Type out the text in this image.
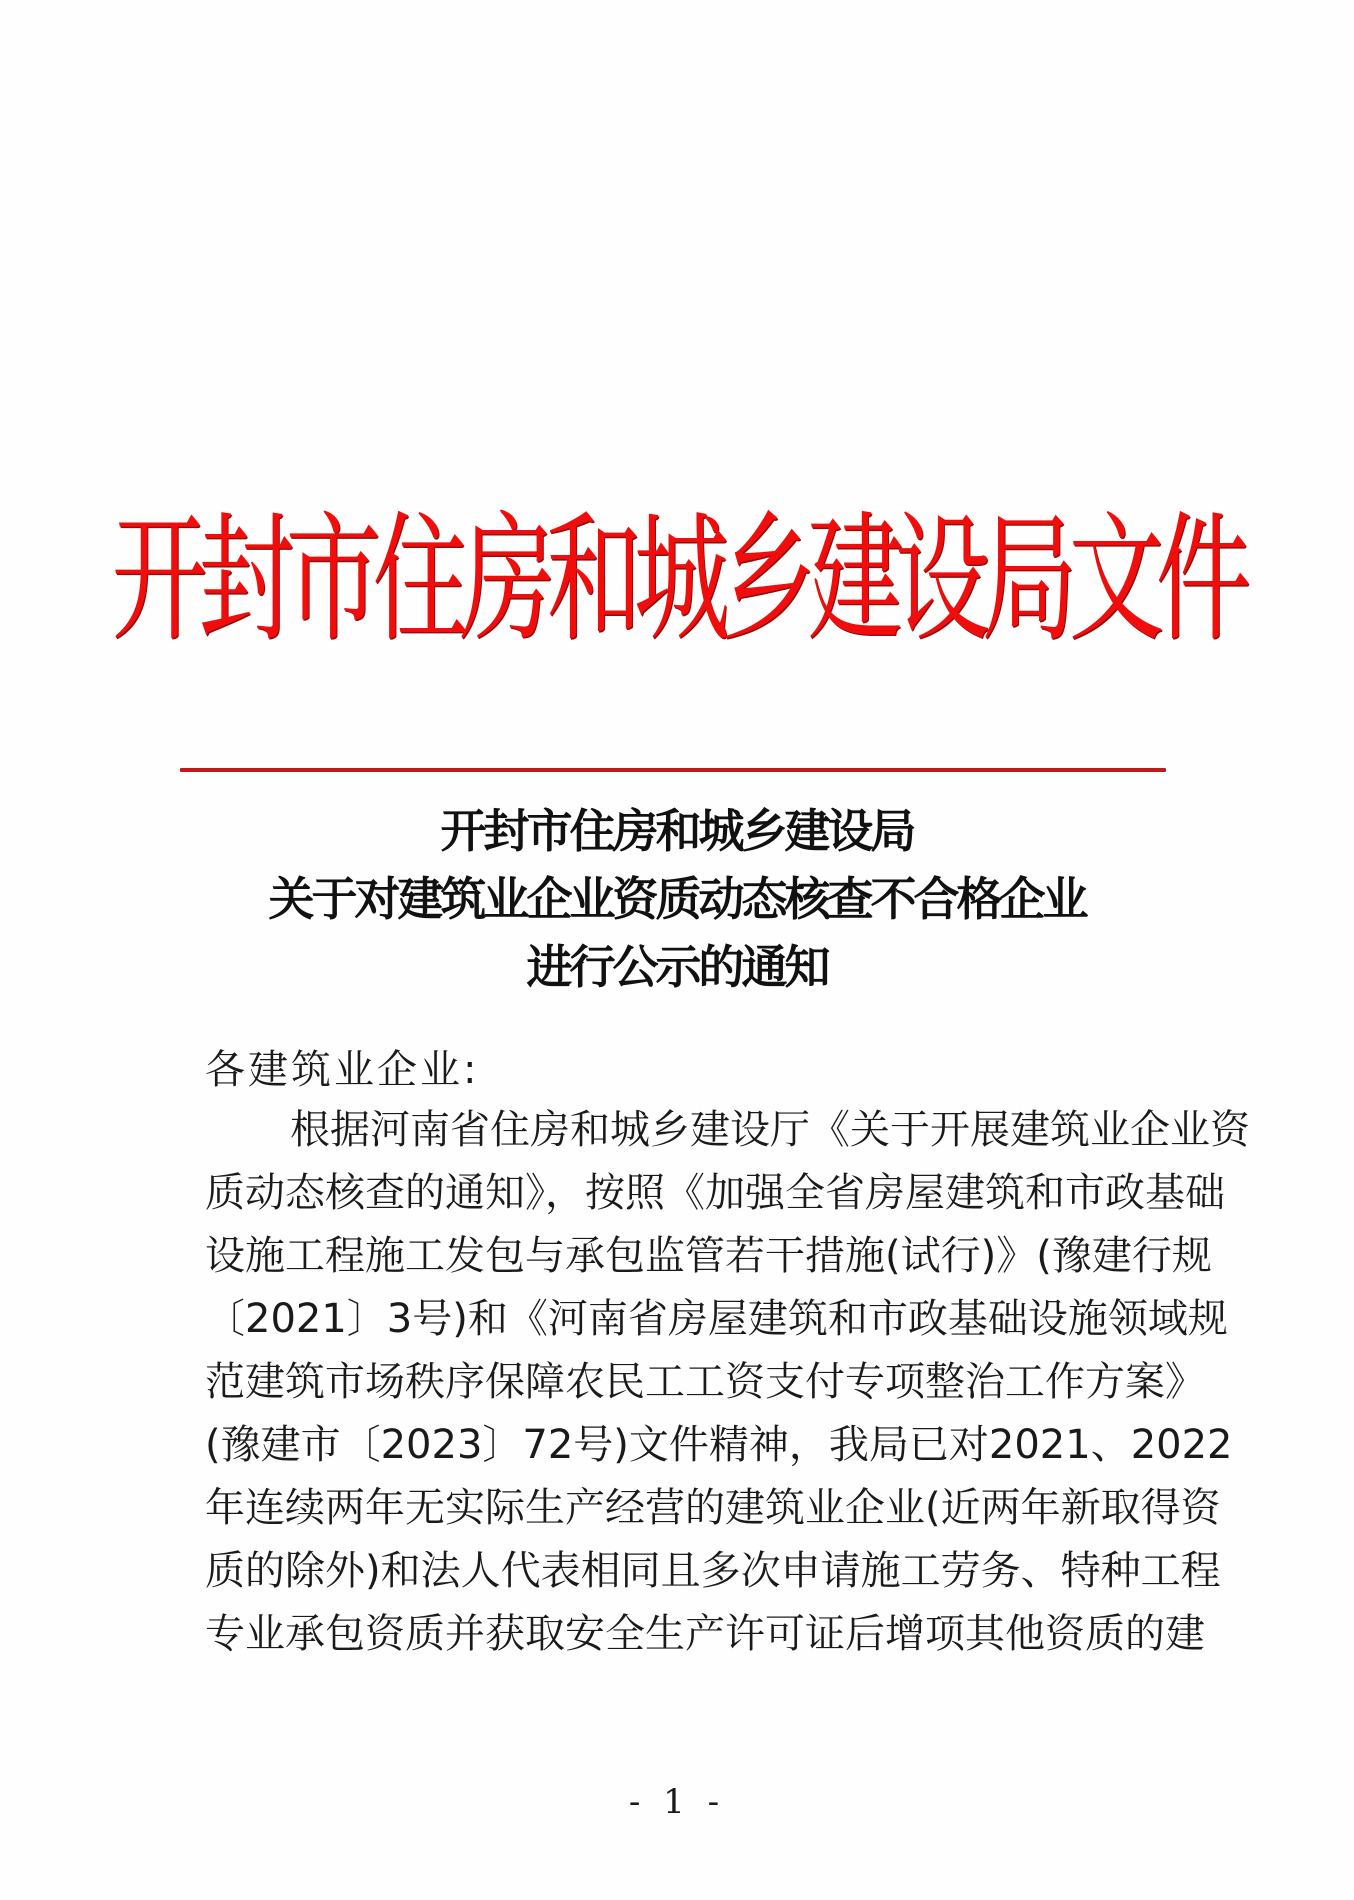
开封市住房和城乡建设局文件
开封市住房和城乡建设局
关于对建筑业企业资质动态核查不合格企业
进行公示的通知
各建筑业企业:
根据河南省住房和城乡建设厅《关于开展建筑业企业资
质动态核查的通知》，按照《加强全省房屋建筑和市政基础
设施工程施工发包与承包监管若干措施(试行)》(豫建行规
〔2021〕3号)和《河南省房屋建筑和市政基础设施领域规
范建筑市场秩序保障农民工工资支付专项整治工作方案》
(豫建市〔2023〕72号)文件精神，我局已对2021、2022
年连续两年无实际生产经营的建筑业企业(近两年新取得资
质的除外)和法人代表相同且多次申请施工劳务、特种工程
专业承包资质并获取安全生产许可证后增项其他资质的建
- 1 -
